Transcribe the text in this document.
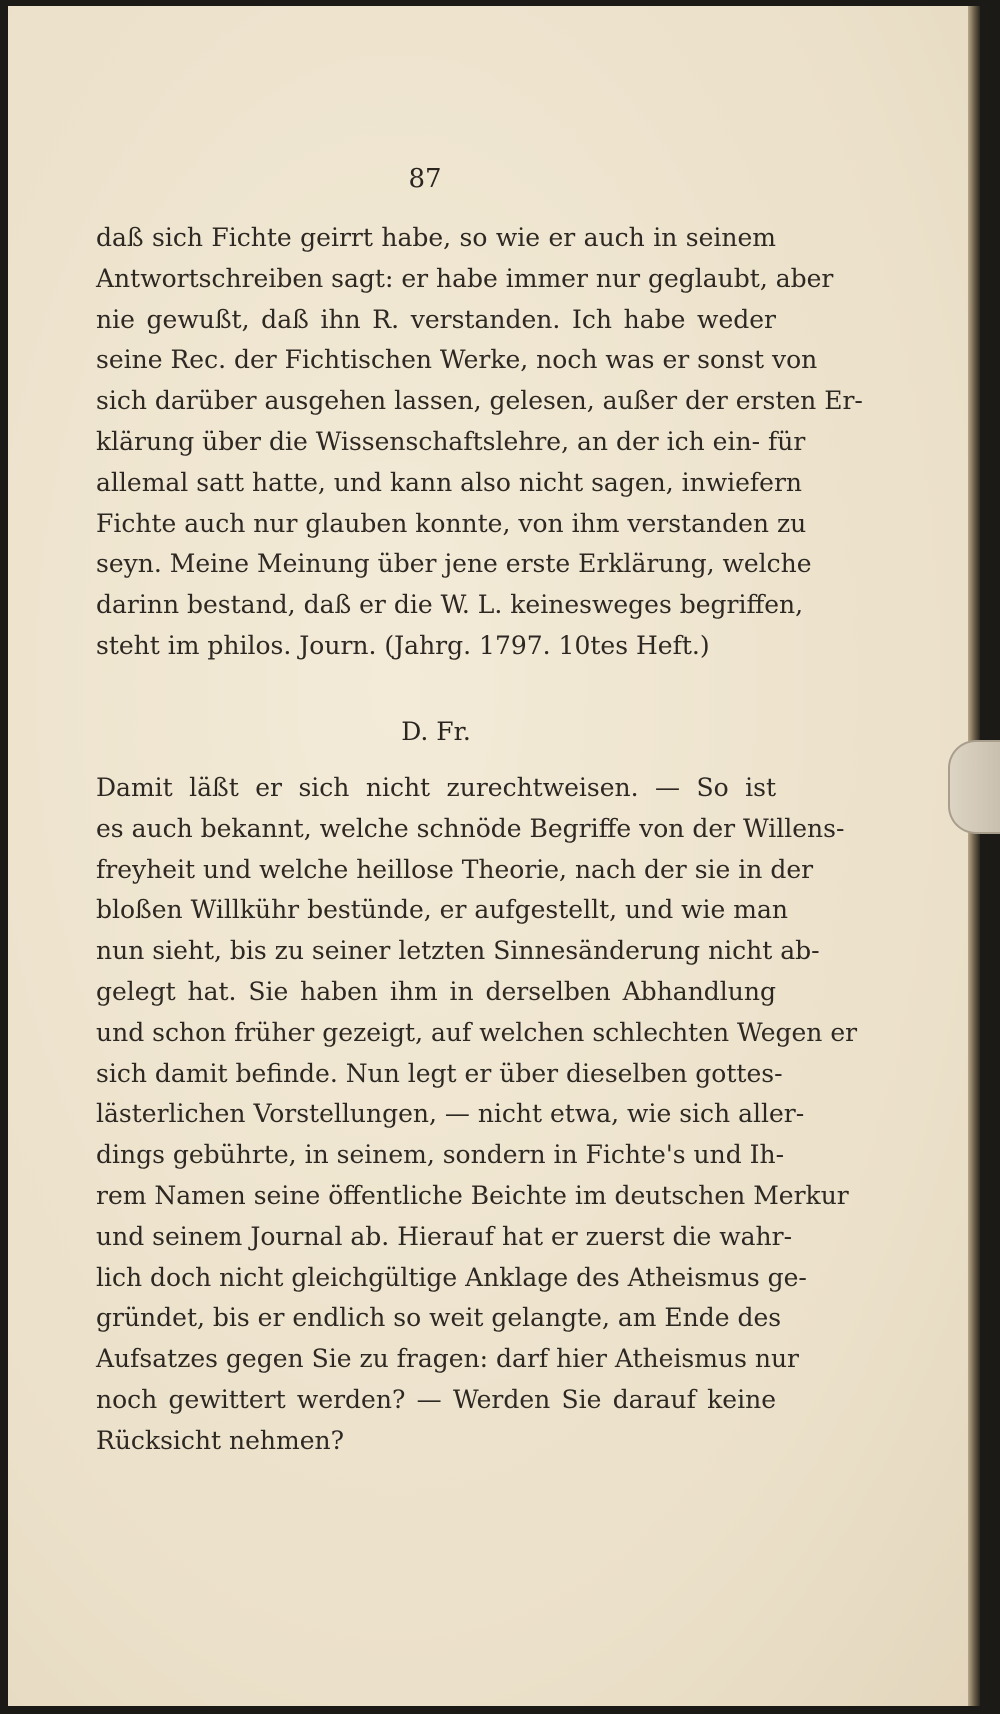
87
daß sich Fichte geirrt habe, so wie er auch in seinem
Antwortschreiben sagt: er habe immer nur geglaubt, aber
nie gewußt, daß ihn R. verstanden. Ich habe weder
seine Rec. der Fichtischen Werke, noch was er sonst von
sich darüber ausgehen lassen, gelesen, außer der ersten Er-
klärung über die Wissenschaftslehre, an der ich ein- für
allemal satt hatte, und kann also nicht sagen, inwiefern
Fichte auch nur glauben konnte, von ihm verstanden zu
seyn. Meine Meinung über jene erste Erklärung, welche
darinn bestand, daß er die W. L. keinesweges begriffen,
steht im philos. Journ. (Jahrg. 1797. 10tes Heft.)
D. Fr.
Damit läßt er sich nicht zurechtweisen. — So ist
es auch bekannt, welche schnöde Begriffe von der Willens-
freyheit und welche heillose Theorie, nach der sie in der
bloßen Willkühr bestünde, er aufgestellt, und wie man
nun sieht, bis zu seiner letzten Sinnesänderung nicht ab-
gelegt hat. Sie haben ihm in derselben Abhandlung
und schon früher gezeigt, auf welchen schlechten Wegen er
sich damit befinde. Nun legt er über dieselben gottes-
lästerlichen Vorstellungen, — nicht etwa, wie sich aller-
dings gebührte, in seinem, sondern in Fichte's und Ih-
rem Namen seine öffentliche Beichte im deutschen Merkur
und seinem Journal ab. Hierauf hat er zuerst die wahr-
lich doch nicht gleichgültige Anklage des Atheismus ge-
gründet, bis er endlich so weit gelangte, am Ende des
Aufsatzes gegen Sie zu fragen: darf hier Atheismus nur
noch gewittert werden? — Werden Sie darauf keine
Rücksicht nehmen?
